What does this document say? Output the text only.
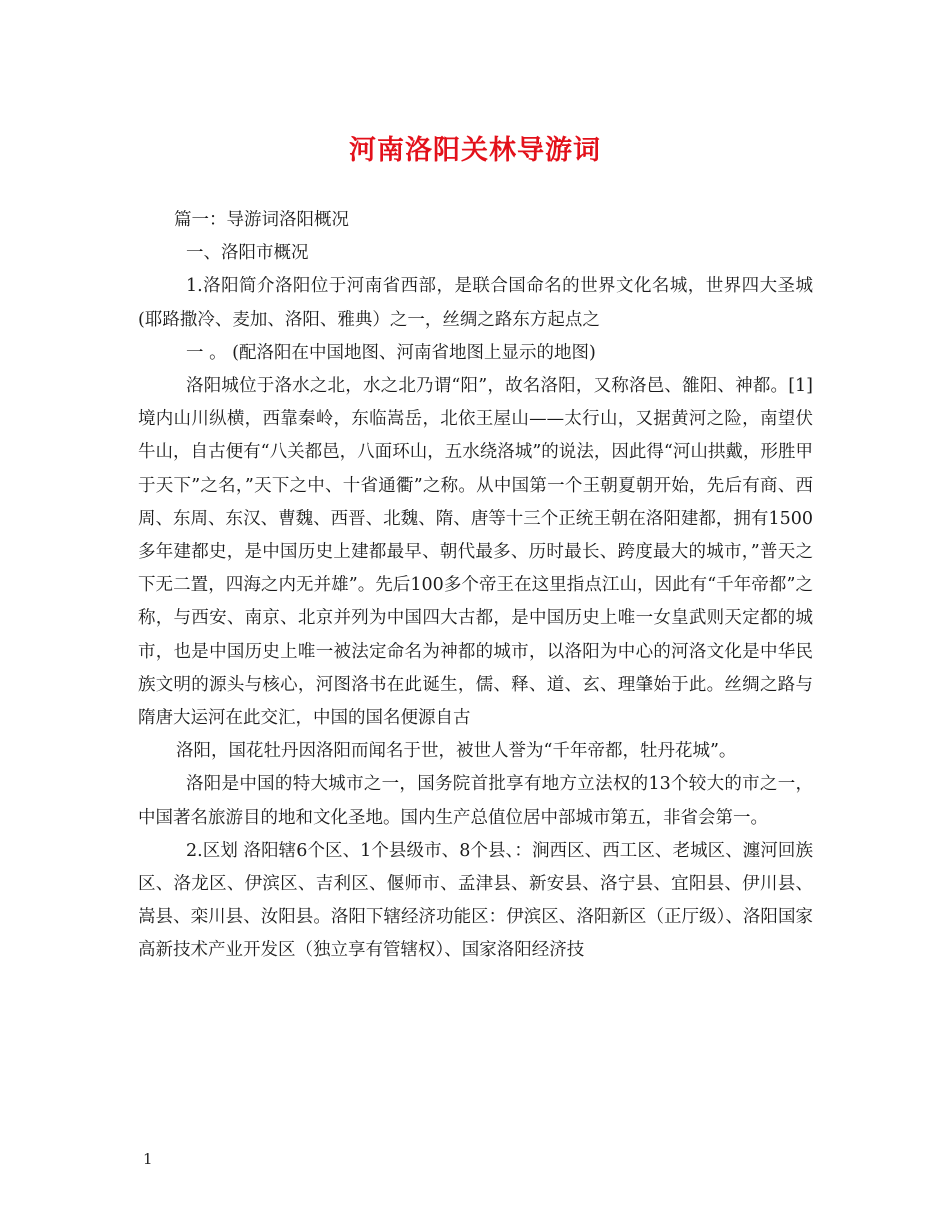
河南洛阳关林导游词

篇一：导游词洛阳概况

一、洛阳市概况

1.洛阳简介洛阳位于河南省西部，是联合国命名的世界文化名城，世界四大圣城(耶路撒冷、麦加、洛阳、雅典）之一，丝绸之路东方起点之

一 。 (配洛阳在中国地图、河南省地图上显示的地图)

洛阳城位于洛水之北，水之北乃谓“阳”，故名洛阳，又称洛邑、雒阳、神都。[1]境内山川纵横，西靠秦岭，东临嵩岳，北依王屋山——太行山，又据黄河之险，南望伏牛山，自古便有“八关都邑，八面环山，五水绕洛城”的说法，因此得“河山拱戴，形胜甲于天下”之名，”天下之中、十省通衢”之称。从中国第一个王朝夏朝开始，先后有商、西周、东周、东汉、曹魏、西晋、北魏、隋、唐等十三个正统王朝在洛阳建都，拥有1500多年建都史，是中国历史上建都最早、朝代最多、历时最长、跨度最大的城市，”普天之下无二置，四海之内无并雄”。先后100多个帝王在这里指点江山，因此有“千年帝都”之称，与西安、南京、北京并列为中国四大古都，是中国历史上唯一女皇武则天定都的城市，也是中国历史上唯一被法定命名为神都的城市，以洛阳为中心的河洛文化是中华民族文明的源头与核心，河图洛书在此诞生，儒、释、道、玄、理肇始于此。丝绸之路与隋唐大运河在此交汇，中国的国名便源自古

洛阳，国花牡丹因洛阳而闻名于世，被世人誉为“千年帝都，牡丹花城”。

洛阳是中国的特大城市之一，国务院首批享有地方立法权的13个较大的市之一，中国著名旅游目的地和文化圣地。国内生产总值位居中部城市第五，非省会第一。

2.区划 洛阳辖6个区、1个县级市、8个县、：涧西区、西工区、老城区、瀍河回族区、洛龙区、伊滨区、吉利区、偃师市、孟津县、新安县、洛宁县、宜阳县、伊川县、嵩县、栾川县、汝阳县。洛阳下辖经济功能区：伊滨区、洛阳新区（正厅级）、洛阳国家高新技术产业开发区（独立享有管辖权）、国家洛阳经济技

1
